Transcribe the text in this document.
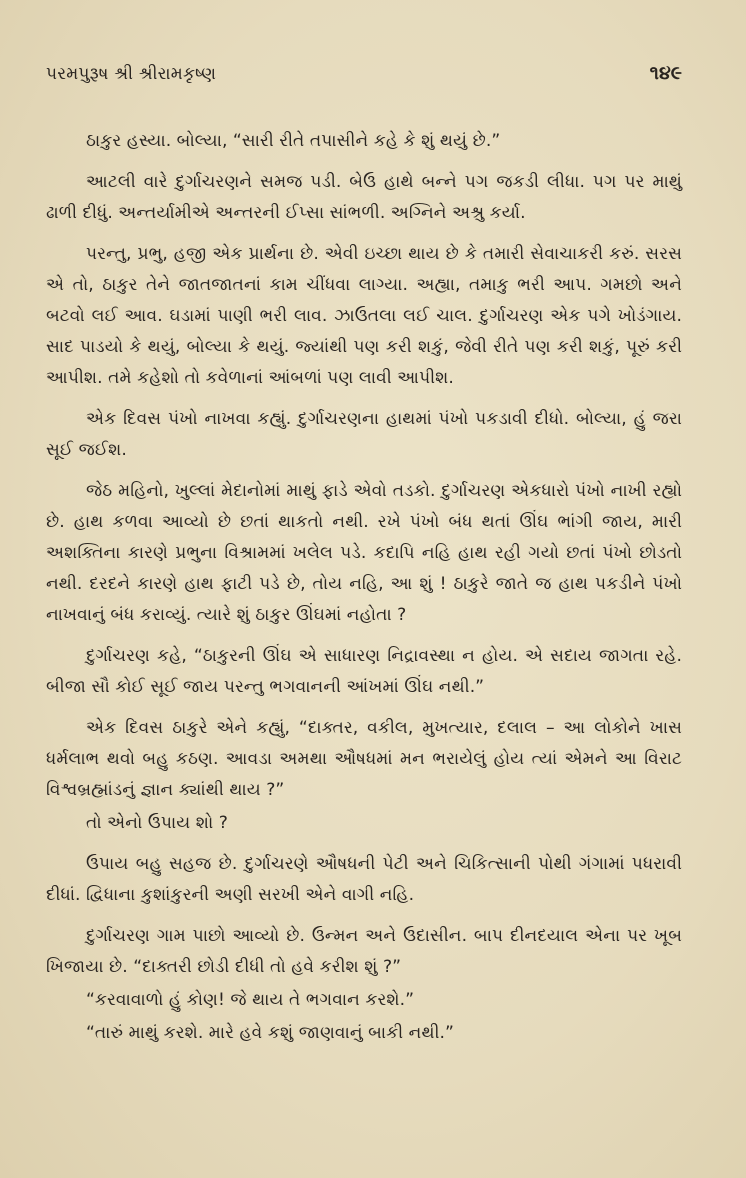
પરમપુરૂષ શ્રી શ્રીરામકૃષ્ણ	૧૪૯

ઠાકુર હસ્યા. બોલ્યા, “સારી રીતે તપાસીને કહે કે શું થયું છે.”

આટલી વારે દુર્ગાચરણને સમજ પડી. બેઉ હાથે બન્ને પગ જકડી લીધા. પગ પર માથું ઢાળી દીધું. અન્તર્યામીએ અન્તરની ઈપ્સા સાંભળી. અગ્નિને અશ્રુ કર્યા.

પરન્તુ, પ્રભુ, હજી એક પ્રાર્થના છે. એવી ઇચ્છા થાય છે કે તમારી સેવાચાકરી કરું. સરસ એ તો, ઠાકુર તેને જાતજાતનાં કામ ચીંધવા લાગ્યા. અહ્યા, તમાકુ ભરી આપ. ગમછો અને બટવો લઈ આવ. ઘડામાં પાણી ભરી લાવ. ઝાઉતલા લઈ ચાલ. દુર્ગાચરણ એક પગે ખોડંગાય. સાદ પાડયો કે થયું, બોલ્યા કે થયું. જ્યાંથી પણ કરી શકું, જેવી રીતે પણ કરી શકું, પૂરું કરી આપીશ. તમે કહેશો તો કવેળાનાં આંબળાં પણ લાવી આપીશ.

એક દિવસ પંખો નાખવા કહ્યું. દુર્ગાચરણના હાથમાં પંખો પકડાવી દીધો. બોલ્યા, હું જરા સૂઈ જઈશ.

જેઠ મહિનો, ખુલ્લાં મેદાનોમાં માથું ફાડે એવો તડકો. દુર્ગાચરણ એકધારો પંખો નાખી રહ્યો છે. હાથ કળવા આવ્યો છે છતાં થાકતો નથી. રખે પંખો બંધ થતાં ઊંઘ ભાંગી જાય, મારી અશક્તિના કારણે પ્રભુના વિશ્રામમાં ખલેલ પડે. કદાપિ નહિ હાથ રહી ગયો છતાં પંખો છોડતો નથી. દરદને કારણે હાથ ફાટી પડે છે, તોય નહિ, આ શું ! ઠાકુરે જાતે જ હાથ પકડીને પંખો નાખવાનું બંધ કરાવ્યું. ત્યારે શું ઠાકુર ઊંઘમાં નહોતા ?

દુર્ગાચરણ કહે, “ઠાકુરની ઊંઘ એ સાધારણ નિદ્રાવસ્થા ન હોય. એ સદાય જાગતા રહે. બીજા સૌ કોઈ સૂઈ જાય પરન્તુ ભગવાનની આંખમાં ઊંઘ નથી.”

એક દિવસ ઠાકુરે એને કહ્યું, “દાક્તર, વકીલ, મુખત્યાર, દલાલ – આ લોકોને ખાસ ધર્મલાભ થવો બહુ કઠણ. આવડા અમથા ઔષધમાં મન ભરાયેલું હોય ત્યાં એમને આ વિરાટ વિશ્વબ્રહ્માંડનું જ્ઞાન ક્યાંથી થાય ?”

તો એનો ઉપાય શો ?

ઉપાય બહુ સહજ છે. દુર્ગાચરણે ઔષધની પેટી અને ચિકિત્સાની પોથી ગંગામાં પધરાવી દીધાં. દ્વિધાના કુશાંકુરની અણી સરખી એને વાગી નહિ.

દુર્ગાચરણ ગામ પાછો આવ્યો છે. ઉન્મન અને ઉદાસીન. બાપ દીનદયાલ એના પર ખૂબ ખિજાયા છે. “દાક્તરી છોડી દીધી તો હવે કરીશ શું ?”

“કરવાવાળો હું કોણ! જે થાય તે ભગવાન કરશે.”

“તારું માથું કરશે. મારે હવે કશું જાણવાનું બાકી નથી.”
